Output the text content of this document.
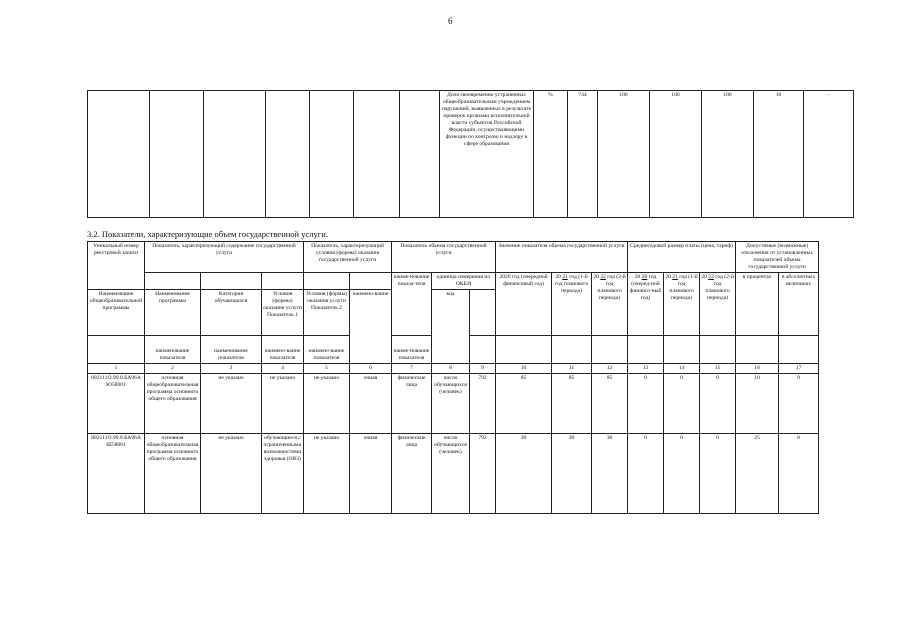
6
							Доля своевременно устраненных общеобразовательным учреждением нарушений, выявленных в результате проверок органами исполнительной власти субъектов Российской Федерации, осуществляющими функции по контролю и надзору в сфере образования	%	744	100	100	100	10	-
3.2. Показатели, характеризующие объем государственной услуги.
Уникальный номер реестровой записи	Показатель, характеризующий содержание государственной услуги			Показатель, характеризующий условия (формы) оказания государственной услуги		Показатель объема государственной услуги			Значение показателя объема государственной услуги			Среднегодовой размер платы (цена, тариф)			Допустимые (возможные) отклонения от установленных показателей объема государственной услуги		
						наиме-нование показа-теля	единица измерения по ОКЕИ		2020 год (очередной финансовый год)	20 21 год (1-й год планового периода)	20 22 год (2-й год планового периода)	20 20 год (очеред-ной финансо-вый год)	20 21 год (1-й год планового периода)	20 22 год (2-й год планового периода)	в процентах	в абсолютных величинах	

Наименование общеобразовательной программы	Наименование программы	Категория обучающихся	Условия (формы) оказания услуги Показатель 1	Условия (формы) оказания услуги Показатель 2	наимено-вание		код										
	наименование показателя	наименование показателя	наимено-вание показателя	наимено-вание показателя		наиме-нование показателя											
1	2	3	4	5	6	7	8	9	10	11	12	13	14	15	16	17	
802111О.99.0.БА96АЮ58001	основная общеобразовательная программа основного общего образования	не указано	не указано	не указано	очная	физические лица	число обучающихся (человек)	792	85	85	85	0	0	0	10	9	
802111О.99.0.БА96АШ58001	основная общеобразовательная программа основного общего образования	не указано	обучающиеся с ограниченными возможностями здоровья (ОВЗ)	не указано	очная	физические лица	число обучающихся (человек)	792	30	30	30	0	0	0	25	8	
